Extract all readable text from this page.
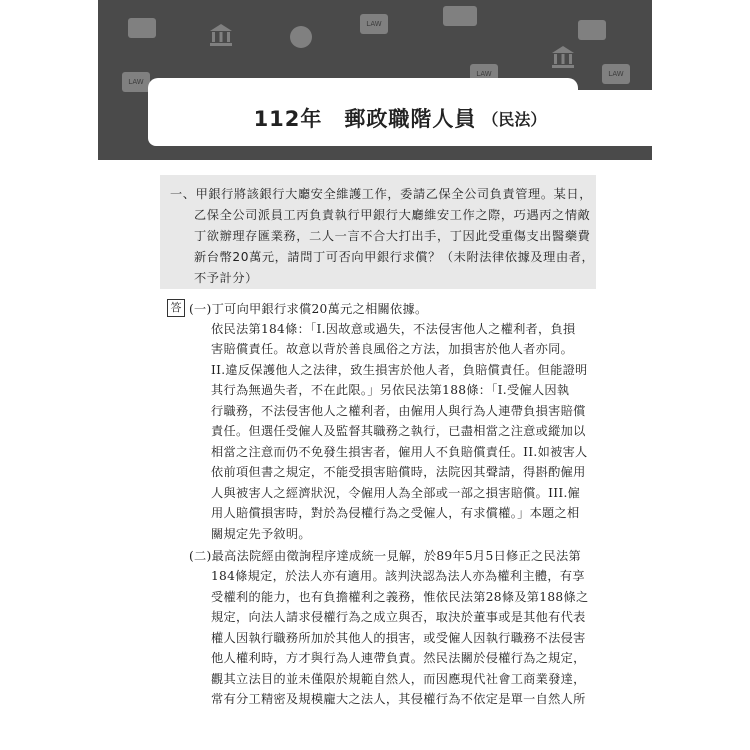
LAW
LAW
LAW	LAW
112年　郵政職階人員 （民法）
一、甲銀行將該銀行大廳安全維護工作，委請乙保全公司負責管理。某日，
乙保全公司派員工丙負責執行甲銀行大廳維安工作之際，巧遇丙之情敵
丁欲辦理存匯業務，二人一言不合大打出手，丁因此受重傷支出醫藥費
新台幣20萬元，請問丁可否向甲銀行求償？（未附法律依據及理由者，
不予計分）
答 (一)丁可向甲銀行求償20萬元之相關依據。
依民法第184條：「I.因故意或過失，不法侵害他人之權利者，負損
害賠償責任。故意以背於善良風俗之方法，加損害於他人者亦同。
II.違反保護他人之法律，致生損害於他人者，負賠償責任。但能證明
其行為無過失者，不在此限。」另依民法第188條：「I.受僱人因執
行職務，不法侵害他人之權利者，由僱用人與行為人連帶負損害賠償
責任。但選任受僱人及監督其職務之執行，已盡相當之注意或縱加以
相當之注意而仍不免發生損害者，僱用人不負賠償責任。II.如被害人
依前項但書之規定，不能受損害賠償時，法院因其聲請，得斟酌僱用
人與被害人之經濟狀況，令僱用人為全部或一部之損害賠償。III.僱
用人賠償損害時，對於為侵權行為之受僱人，有求償權。」本題之相
關規定先予敘明。
(二)最高法院經由徵詢程序達成統一見解，於89年5月5日修正之民法第
184條規定，於法人亦有適用。該判決認為法人亦為權利主體，有享
受權利的能力，也有負擔權利之義務，惟依民法第28條及第188條之
規定，向法人請求侵權行為之成立與否，取決於董事或是其他有代表
權人因執行職務所加於其他人的損害，或受僱人因執行職務不法侵害
他人權利時，方才與行為人連帶負責。然民法關於侵權行為之規定，
觀其立法目的並未僅限於規範自然人，而因應現代社會工商業發達，
常有分工精密及規模龐大之法人，其侵權行為不依定是單一自然人所
